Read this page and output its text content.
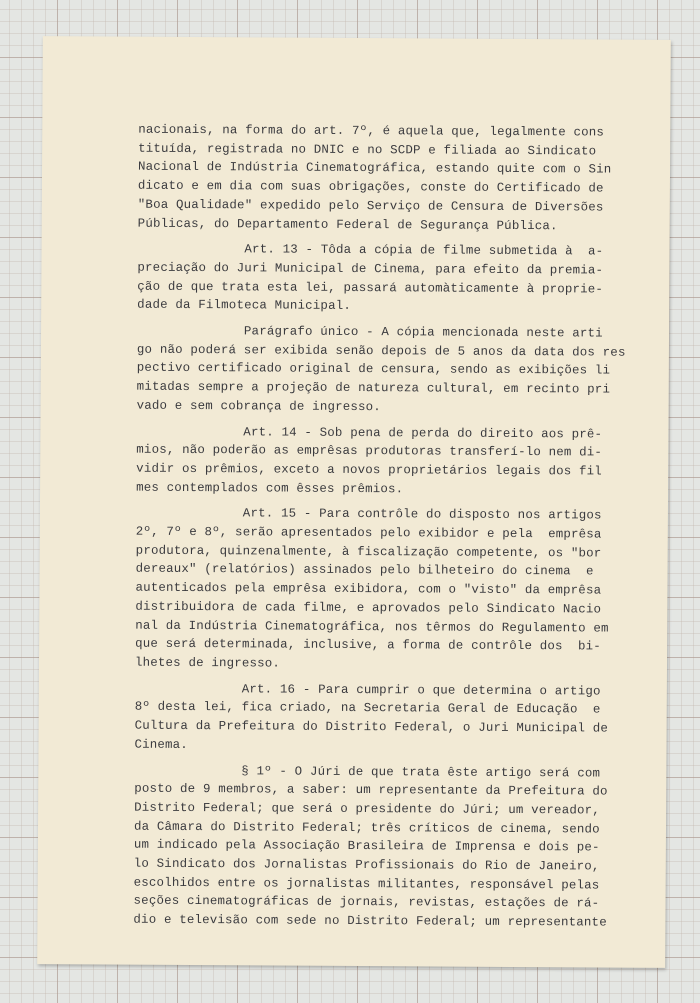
nacionais, na forma do art. 7º, é aquela que, legalmente cons
tituída, registrada no DNIC e no SCDP e filiada ao Sindicato
Nacional de Indústria Cinematográfica, estando quite com o Sin
dicato e em dia com suas obrigações, conste do Certificado de
"Boa Qualidade" expedido pelo Serviço de Censura de Diversões
Públicas, do Departamento Federal de Segurança Pública.
Art. 13 - Tôda a cópia de filme submetida à  a-
preciação do Juri Municipal de Cinema, para efeito da premia-
ção de que trata esta lei, passará automàticamente à proprie-
dade da Filmoteca Municipal.
Parágrafo único - A cópia mencionada neste arti
go não poderá ser exibida senão depois de 5 anos da data dos res
pectivo certificado original de censura, sendo as exibições li
mitadas sempre a projeção de natureza cultural, em recinto pri
vado e sem cobrança de ingresso.
Art. 14 - Sob pena de perda do direito aos prê-
mios, não poderão as emprêsas produtoras transferí-lo nem di-
vidir os prêmios, exceto a novos proprietários legais dos fil
mes contemplados com êsses prêmios.
Art. 15 - Para contrôle do disposto nos artigos
2º, 7º e 8º, serão apresentados pelo exibidor e pela  emprêsa
produtora, quinzenalmente, à fiscalização competente, os "bor
dereaux" (relatórios) assinados pelo bilheteiro do cinema  e
autenticados pela emprêsa exibidora, com o "visto" da emprêsa
distribuidora de cada filme, e aprovados pelo Sindicato Nacio
nal da Indústria Cinematográfica, nos têrmos do Regulamento em
que será determinada, inclusive, a forma de contrôle dos  bi-
lhetes de ingresso.
Art. 16 - Para cumprir o que determina o artigo
8º desta lei, fica criado, na Secretaria Geral de Educação  e
Cultura da Prefeitura do Distrito Federal, o Juri Municipal de
Cinema.
§ 1º - O Júri de que trata êste artigo será com
posto de 9 membros, a saber: um representante da Prefeitura do
Distrito Federal; que será o presidente do Júri; um vereador,
da Câmara do Distrito Federal; três críticos de cinema, sendo
um indicado pela Associação Brasileira de Imprensa e dois pe-
lo Sindicato dos Jornalistas Profissionais do Rio de Janeiro,
escolhidos entre os jornalistas militantes, responsável pelas
seções cinematográficas de jornais, revistas, estações de rá-
dio e televisão com sede no Distrito Federal; um representante
